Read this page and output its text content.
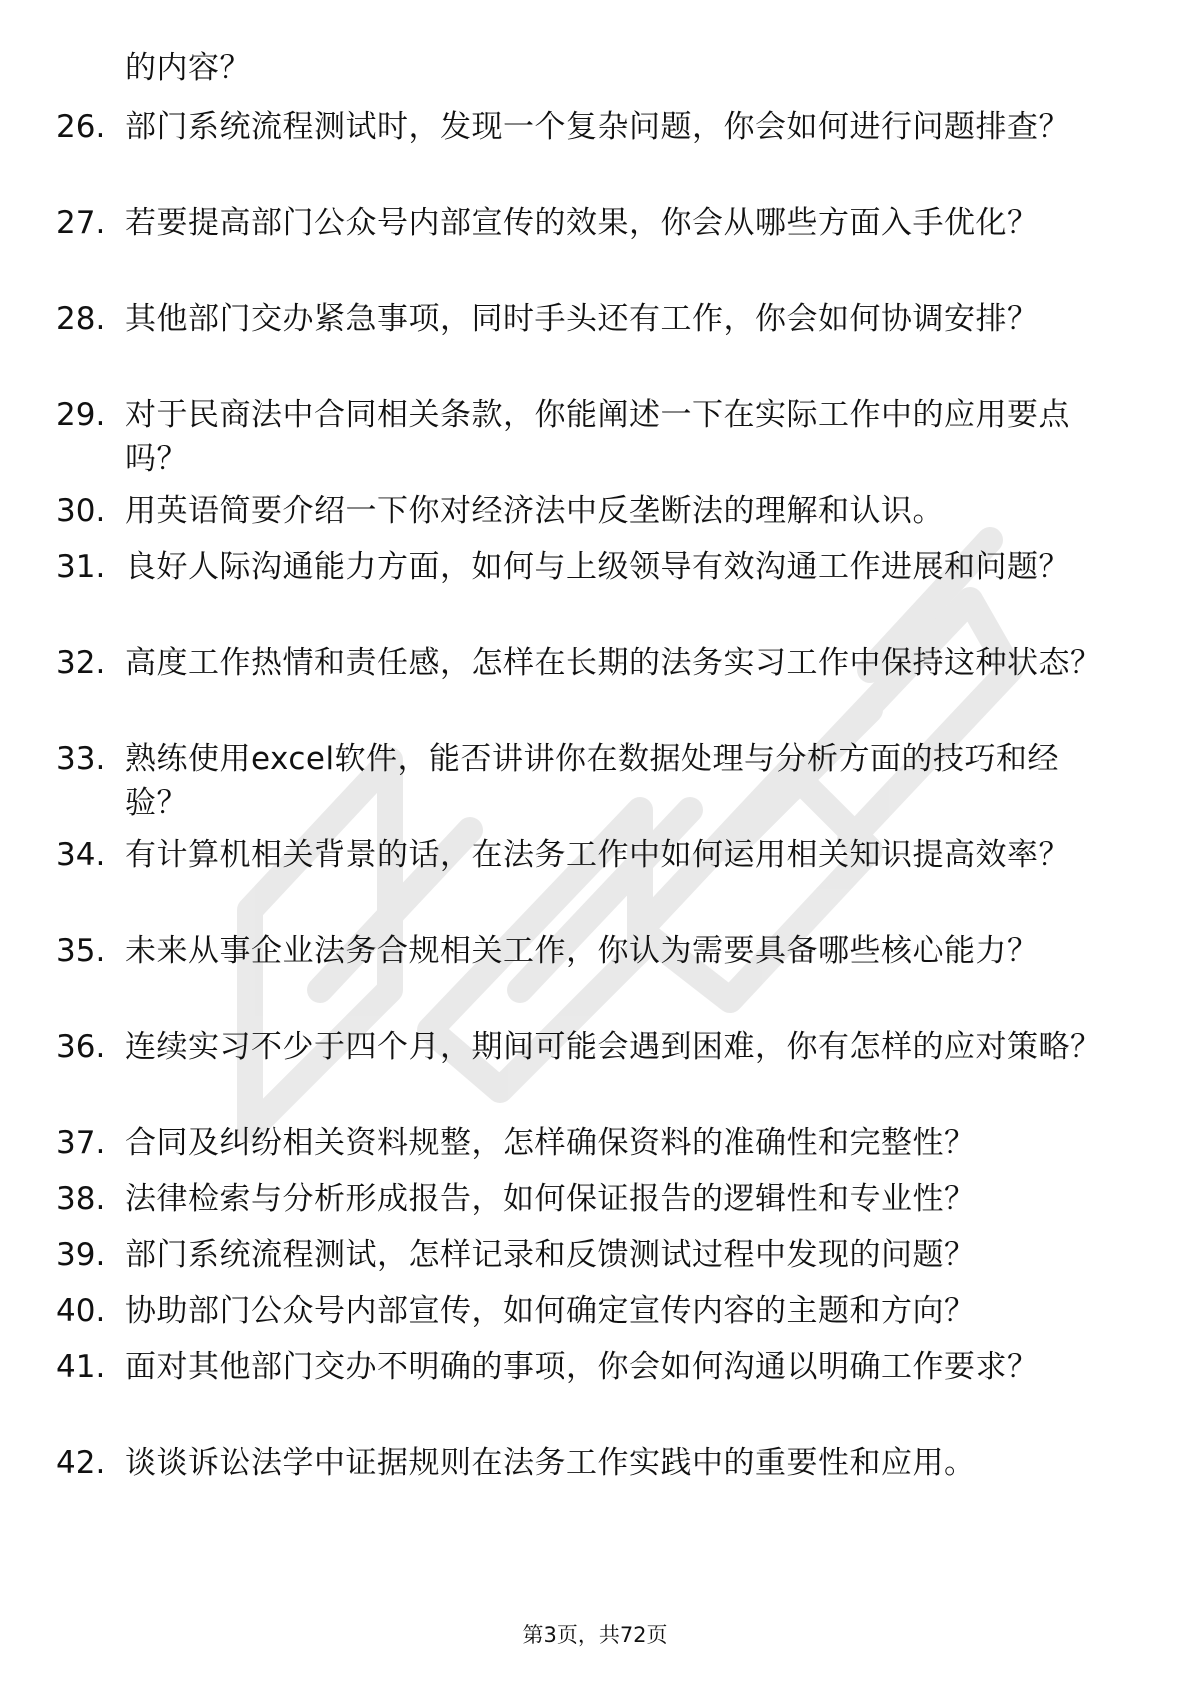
的内容？
26. 部门系统流程测试时，发现一个复杂问题，你会如何进行问题排查？
27. 若要提高部门公众号内部宣传的效果，你会从哪些方面入手优化？
28. 其他部门交办紧急事项，同时手头还有工作，你会如何协调安排？
29. 对于民商法中合同相关条款，你能阐述一下在实际工作中的应用要点吗？
30. 用英语简要介绍一下你对经济法中反垄断法的理解和认识。
31. 良好人际沟通能力方面，如何与上级领导有效沟通工作进展和问题？
32. 高度工作热情和责任感，怎样在长期的法务实习工作中保持这种状态？
33. 熟练使用excel软件，能否讲讲你在数据处理与分析方面的技巧和经验？
34. 有计算机相关背景的话，在法务工作中如何运用相关知识提高效率？
35. 未来从事企业法务合规相关工作，你认为需要具备哪些核心能力？
36. 连续实习不少于四个月，期间可能会遇到困难，你有怎样的应对策略？
37. 合同及纠纷相关资料规整，怎样确保资料的准确性和完整性？
38. 法律检索与分析形成报告，如何保证报告的逻辑性和专业性？
39. 部门系统流程测试，怎样记录和反馈测试过程中发现的问题？
40. 协助部门公众号内部宣传，如何确定宣传内容的主题和方向？
41. 面对其他部门交办不明确的事项，你会如何沟通以明确工作要求？
42. 谈谈诉讼法学中证据规则在法务工作实践中的重要性和应用。
第3页，共72页
